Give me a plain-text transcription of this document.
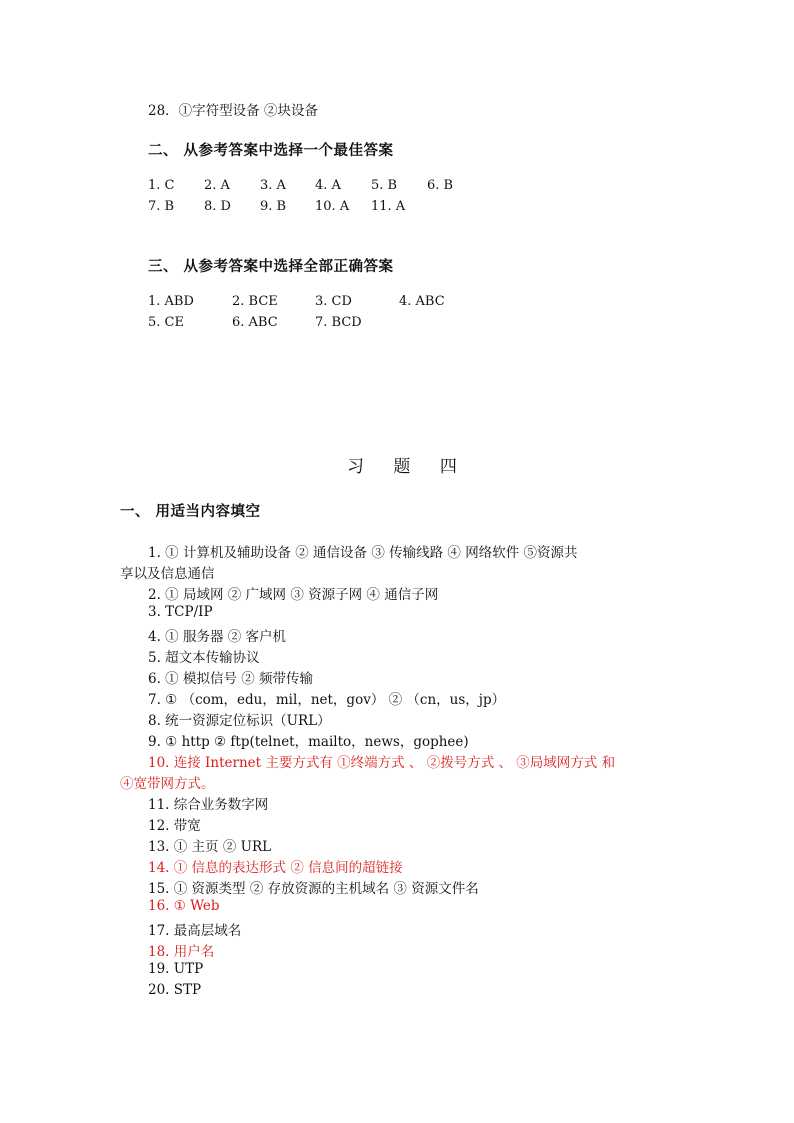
28．①字符型设备 ②块设备
二、 从参考答案中选择一个最佳答案
1. C 2. A 3. A 4. A 5. B 6. B
7. B 8. D 9. B 10. A 11. A
三、 从参考答案中选择全部正确答案
1. ABD	2. BCE	3. CD	4. ABC
5. CE	6. ABC	7. BCD
习 题 四
一、 用适当内容填空
1. ① 计算机及辅助设备 ② 通信设备 ③ 传输线路 ④ 网络软件 ⑤资源共
享以及信息通信
2. ① 局域网 ② 广域网 ③ 资源子网 ④ 通信子网
3. TCP/IP
4. ① 服务器 ② 客户机
5. 超文本传输协议
6. ① 模拟信号 ② 频带传输
7. ① （com，edu，mil，net，gov） ② （cn，us，jp）
8. 统一资源定位标识（URL）
9. ① http ② ftp(telnet，mailto，news，gophee)
10. 连接 Internet 主要方式有 ①终端方式 、 ②拨号方式 、 ③局域网方式 和
④宽带网方式。
11. 综合业务数字网
12. 带宽
13. ① 主页 ② URL
14. ① 信息的表达形式 ② 信息间的超链接
15. ① 资源类型 ② 存放资源的主机域名 ③ 资源文件名
16. ① Web
17. 最高层域名
18. 用户名
19. UTP
20. STP
